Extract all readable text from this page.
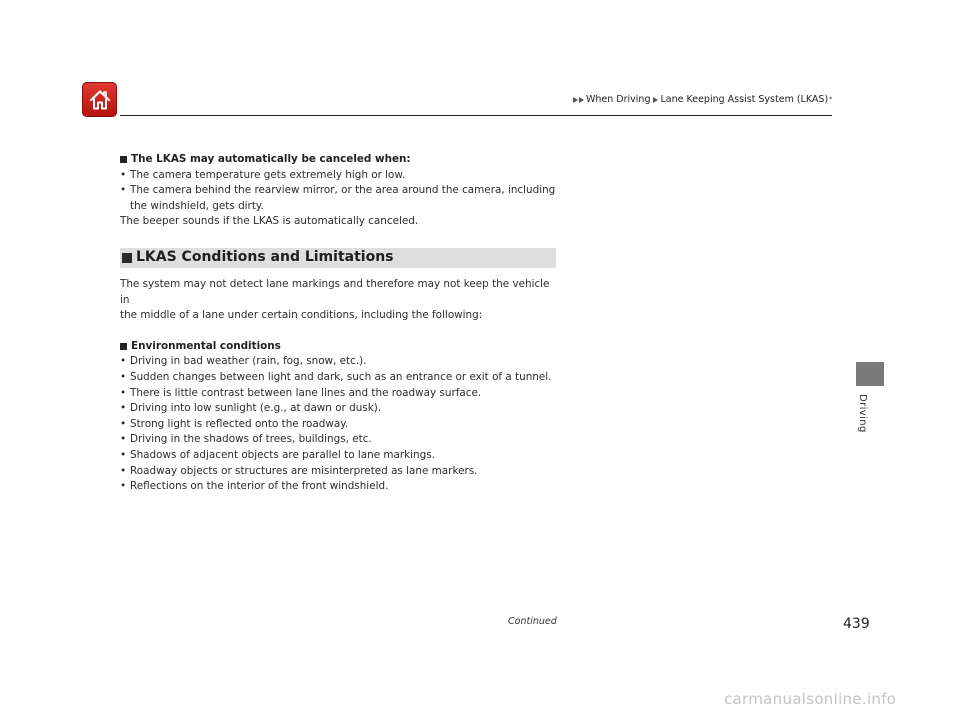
When Driving Lane Keeping Assist System (LKAS) *
The LKAS may automatically be canceled when:
• The camera temperature gets extremely high or low.
• The camera behind the rearview mirror, or the area around the camera, including
the windshield, gets dirty.
The beeper sounds if the LKAS is automatically canceled.
LKAS Conditions and Limitations
The system may not detect lane markings and therefore may not keep the vehicle in
the middle of a lane under certain conditions, including the following:
Environmental conditions
• Driving in bad weather (rain, fog, snow, etc.).
• Sudden changes between light and dark, such as an entrance or exit of a tunnel.
• There is little contrast between lane lines and the roadway surface.
• Driving into low sunlight (e.g., at dawn or dusk).
• Strong light is reflected onto the roadway.
• Driving in the shadows of trees, buildings, etc.
• Shadows of adjacent objects are parallel to lane markings.
• Roadway objects or structures are misinterpreted as lane markers.
• Reflections on the interior of the front windshield.
Driving
Continued	439
carmanualsonline.info
